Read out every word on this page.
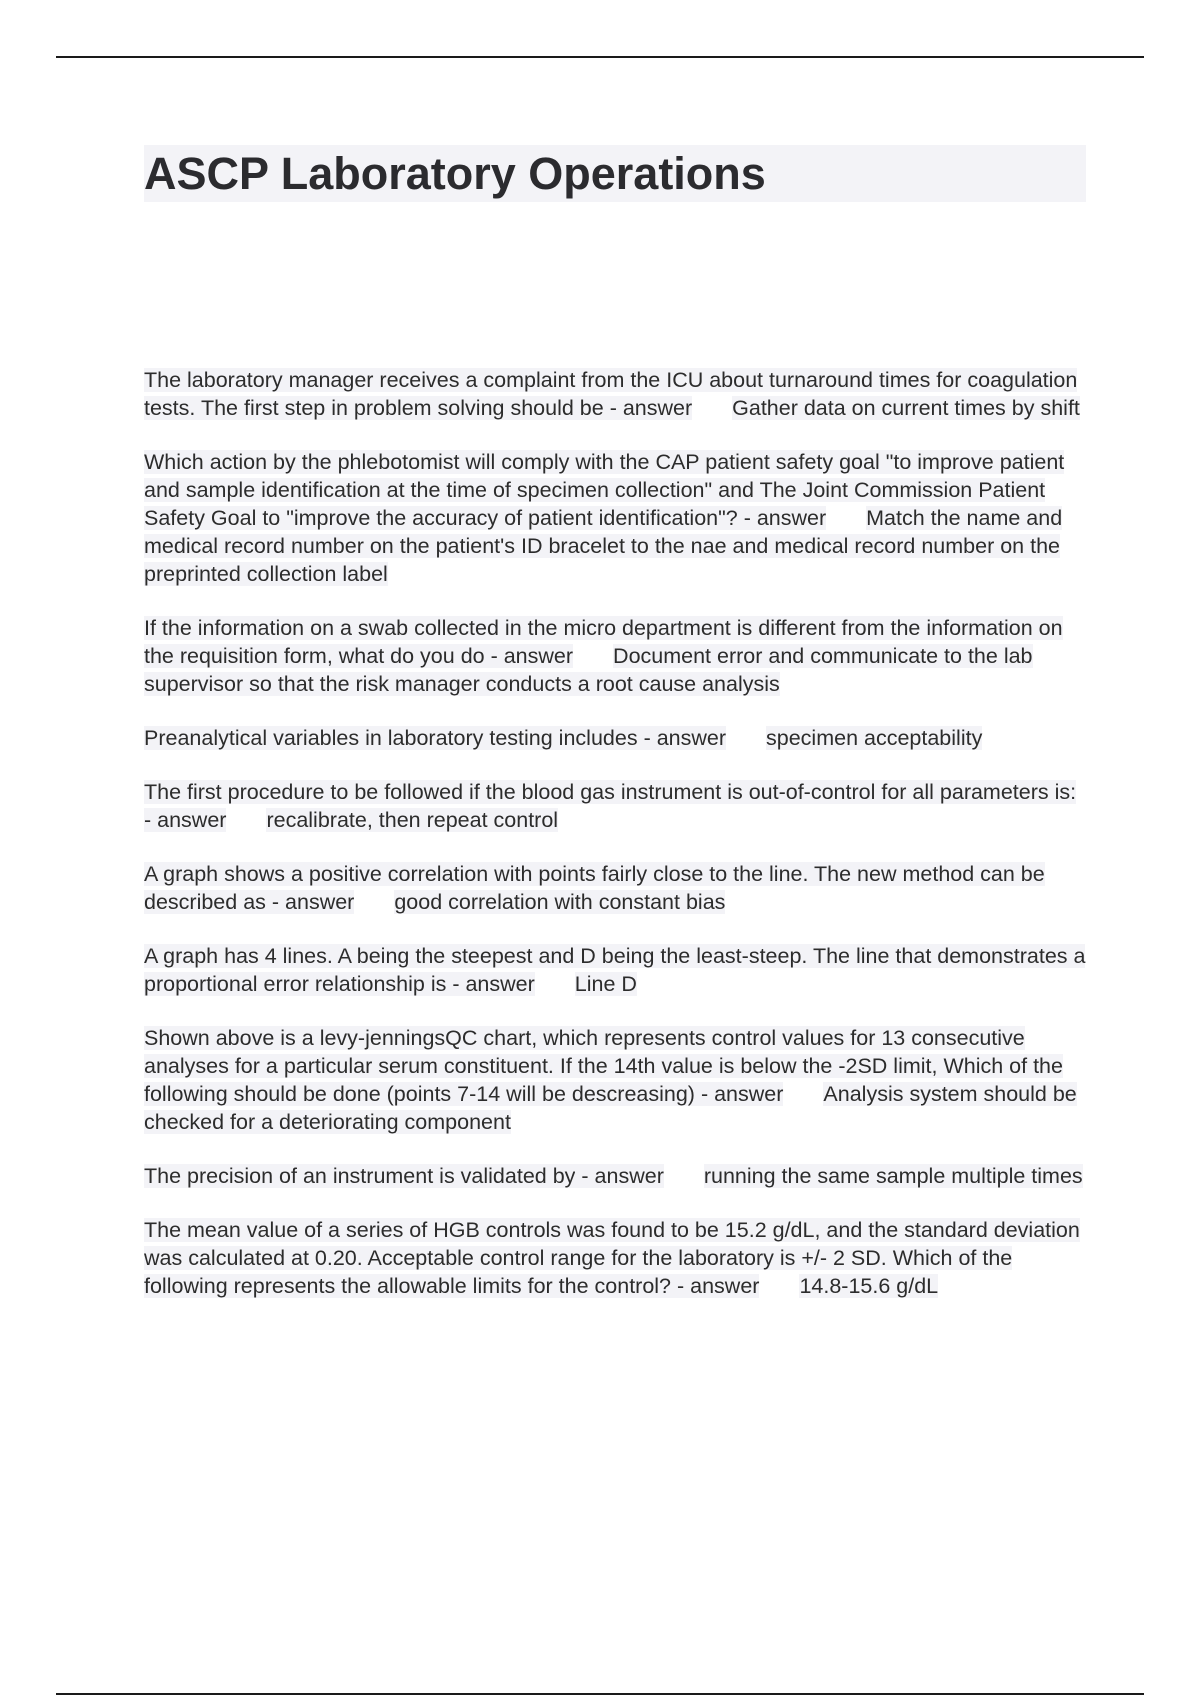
ASCP Laboratory Operations

The laboratory manager receives a complaint from the ICU about turnaround times for coagulation tests. The first step in problem solving should be - answer Gather data on current times by shift

Which action by the phlebotomist will comply with the CAP patient safety goal "to improve patient and sample identification at the time of specimen collection" and The Joint Commission Patient Safety Goal to "improve the accuracy of patient identification"? - answer Match the name and medical record number on the patient's ID bracelet to the nae and medical record number on the preprinted collection label

If the information on a swab collected in the micro department is different from the information on the requisition form, what do you do - answer Document error and communicate to the lab supervisor so that the risk manager conducts a root cause analysis

Preanalytical variables in laboratory testing includes - answer specimen acceptability

The first procedure to be followed if the blood gas instrument is out-of-control for all parameters is: - answer recalibrate, then repeat control

A graph shows a positive correlation with points fairly close to the line. The new method can be described as - answer good correlation with constant bias

A graph has 4 lines. A being the steepest and D being the least-steep. The line that demonstrates a proportional error relationship is - answer Line D

Shown above is a levy-jenningsQC chart, which represents control values for 13 consecutive analyses for a particular serum constituent. If the 14th value is below the -2SD limit, Which of the following should be done (points 7-14 will be descreasing) - answer Analysis system should be checked for a deteriorating component

The precision of an instrument is validated by - answer running the same sample multiple times

The mean value of a series of HGB controls was found to be 15.2 g/dL, and the standard deviation was calculated at 0.20. Acceptable control range for the laboratory is +/- 2 SD. Which of the following represents the allowable limits for the control? - answer 14.8-15.6 g/dL
